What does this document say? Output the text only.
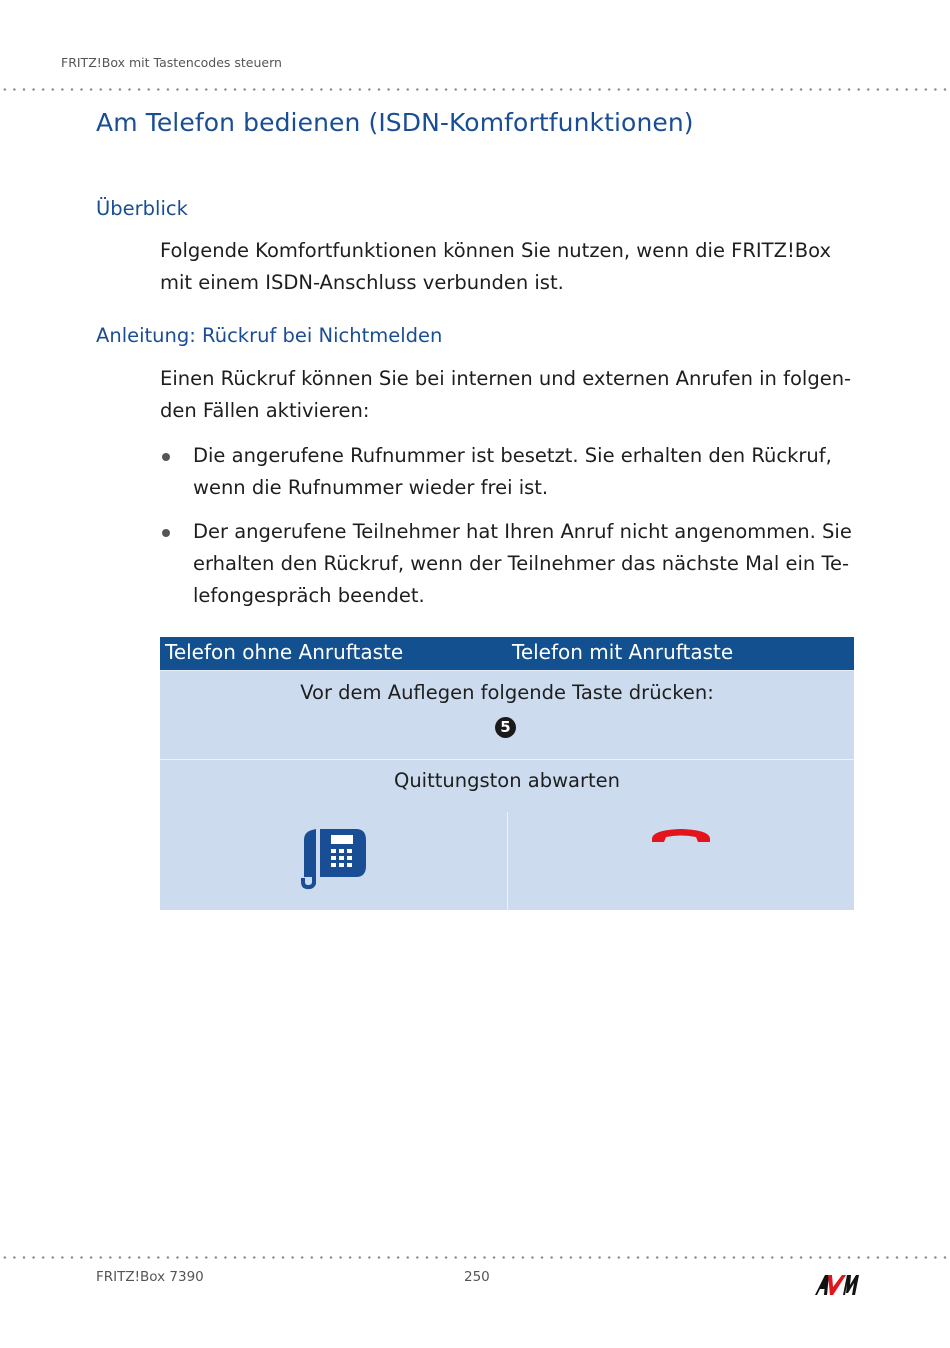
FRITZ!Box mit Tastencodes steuern
Am Telefon bedienen (ISDN-Komfortfunktionen)
Überblick

Folgende Komfortfunktionen können Sie nutzen, wenn die FRITZ!Box mit einem ISDN-Anschluss verbunden ist.

Anleitung: Rückruf bei Nichtmelden

Einen Rückruf können Sie bei internen und externen Anrufen in folgen-den Fällen aktivieren:

Die angerufene Rufnummer ist besetzt. Sie erhalten den Rückruf, wenn die Rufnummer wieder frei ist.
Der angerufene Teilnehmer hat Ihren Anruf nicht angenommen. Sie erhalten den Rückruf, wenn der Teilnehmer das nächste Mal ein Te-lefongespräch beendet.
Telefon ohne Anruftaste	Telefon mit Anruftaste
Vor dem Auflegen folgende Taste drücken:
5
Quittungston abwarten
FRITZ!Box 7390	250
